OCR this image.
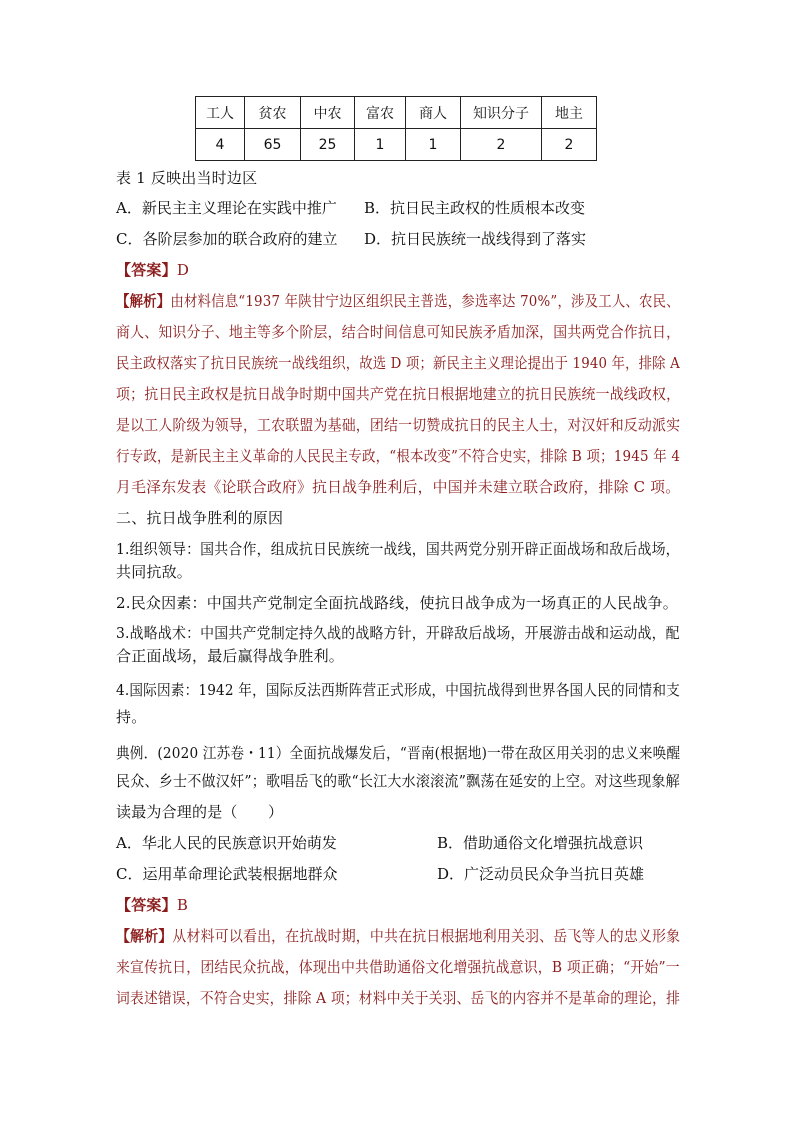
工人	贫农	中农	富农	商人	知识分子	地主
4	65	25	1	1	2	2
表 1 反映出当时边区
A．新民主主义理论在实践中推广 B．抗日民主政权的性质根本改变
C．各阶层参加的联合政府的建立 D．抗日民族统一战线得到了落实
【答案】D
【解析】由材料信息“1937 年陕甘宁边区组织民主普选，参选率达 70%”，涉及工人、农民、
商人、知识分子、地主等多个阶层，结合时间信息可知民族矛盾加深，国共两党合作抗日，
民主政权落实了抗日民族统一战线组织，故选 D 项；新民主主义理论提出于 1940 年，排除 A
项；抗日民主政权是抗日战争时期中国共产党在抗日根据地建立的抗日民族统一战线政权，
是以工人阶级为领导，工农联盟为基础，团结一切赞成抗日的民主人士，对汉奸和反动派实
行专政，是新民主主义革命的人民民主专政，“根本改变”不符合史实，排除 B 项；1945 年 4
月毛泽东发表《论联合政府》抗日战争胜利后，中国并未建立联合政府，排除 C 项。
二、抗日战争胜利的原因
1.组织领导：国共合作，组成抗日民族统一战线，国共两党分别开辟正面战场和敌后战场，
共同抗敌。
2.民众因素：中国共产党制定全面抗战路线，使抗日战争成为一场真正的人民战争。
3.战略战术：中国共产党制定持久战的战略方针，开辟敌后战场，开展游击战和运动战，配
合正面战场，最后赢得战争胜利。
4.国际因素：1942 年，国际反法西斯阵营正式形成，中国抗战得到世界各国人民的同情和支
持。
典例．(2020 江苏卷・11）全面抗战爆发后，“晋南(根据地)一带在敌区用关羽的忠义来唤醒
民众、乡士不做汉奸”；歌唱岳飞的歌“长江大水滚滚流”飘荡在延安的上空。对这些现象解
读最为合理的是（　　）
A．华北人民的民族意识开始萌发	B．借助通俗文化增强抗战意识
C．运用革命理论武装根据地群众	D．广泛动员民众争当抗日英雄
【答案】B
【解析】从材料可以看出，在抗战时期，中共在抗日根据地利用关羽、岳飞等人的忠义形象
来宣传抗日，团结民众抗战，体现出中共借助通俗文化增强抗战意识，B 项正确；“开始”一
词表述错误，不符合史实，排除 A 项；材料中关于关羽、岳飞的内容并不是革命的理论，排
